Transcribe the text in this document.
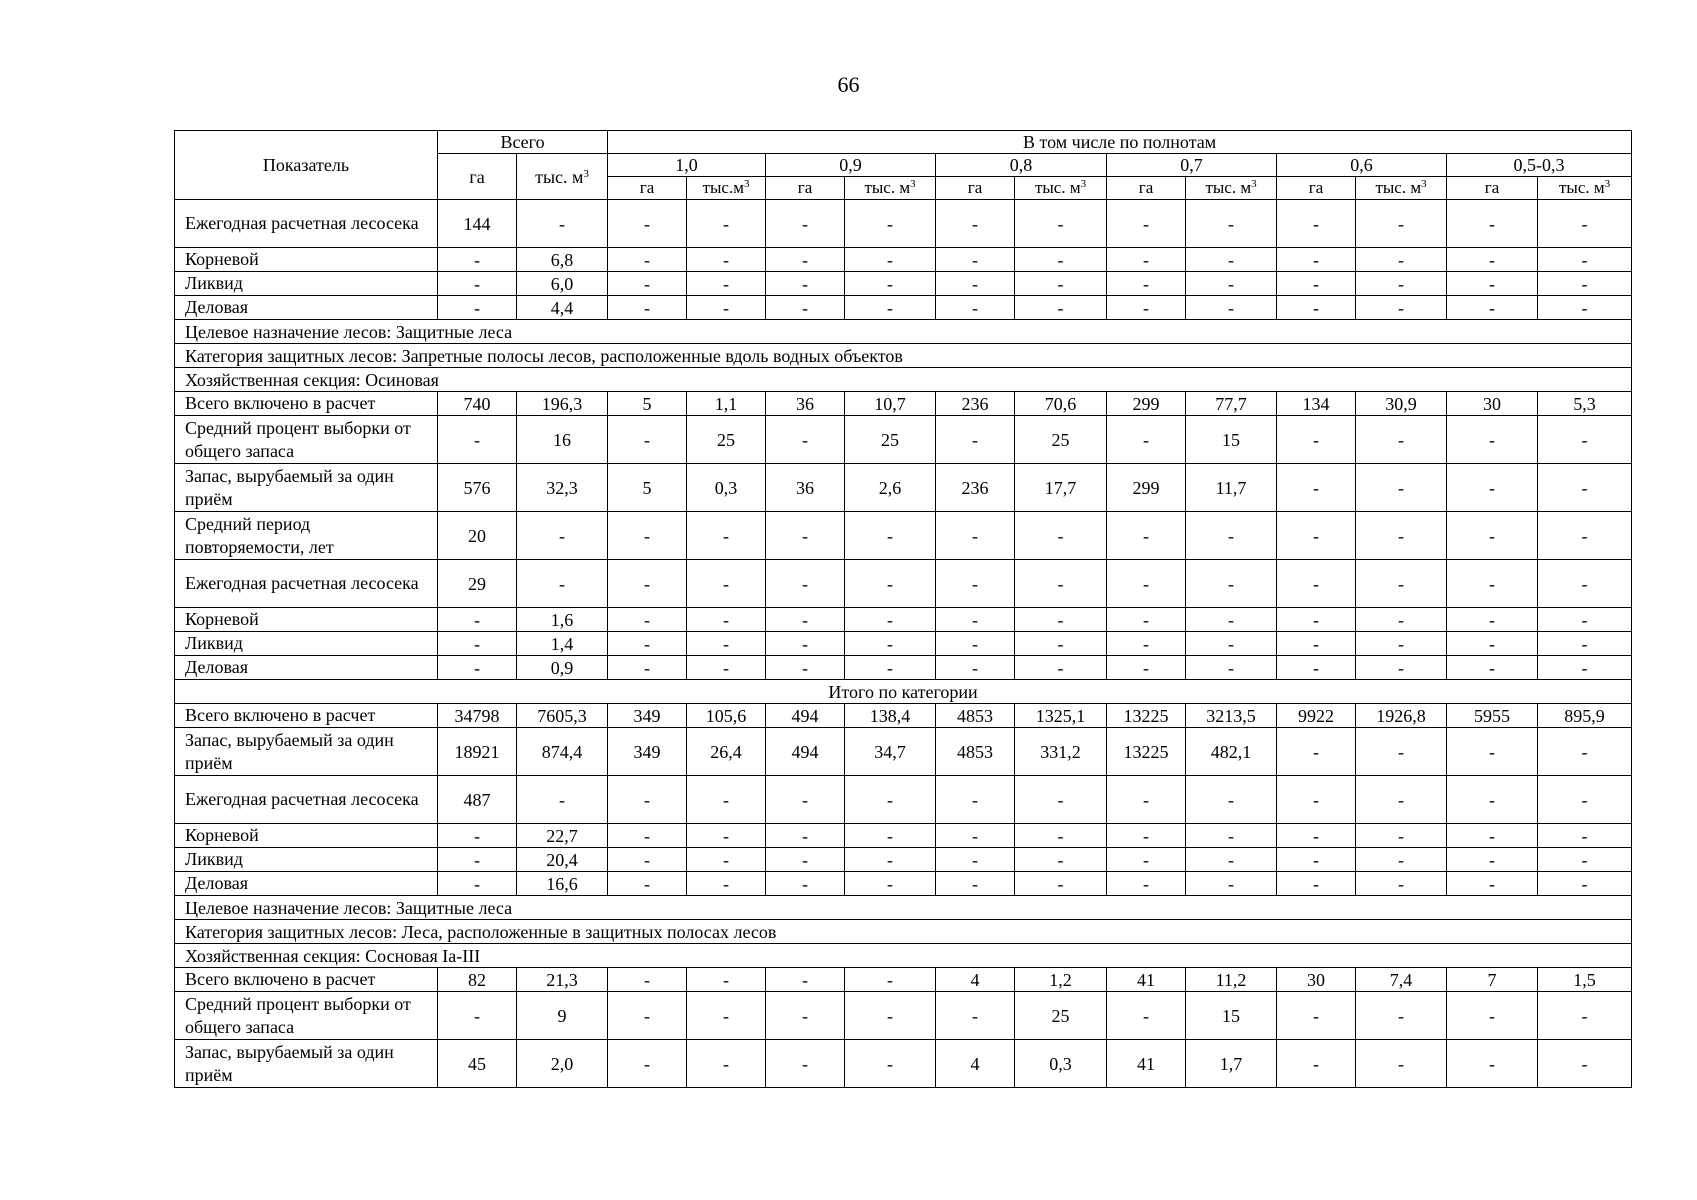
66
Показатель	Всего		В том числе по полнотам											
	га	тыс. $м^3$	1,0		0,9		0,8		0,7		0,6		0,5-0,3	
			га	$тыс.м^3$	га	тыс. $м^3$	га	тыс. $м^3$	га	тыс. $м^3$	га	тыс. $м^3$	га	тыс. $м^3$
Ежегодная расчетная лесосека	144	-	-	-	-	-	-	-	-	-	-	-	-	-
Корневой	-	6,8	-	-	-	-	-	-	-	-	-	-	-	-
Ликвид	-	6,0	-	-	-	-	-	-	-	-	-	-	-	-
Деловая	-	4,4	-	-	-	-	-	-	-	-	-	-	-	-
Целевое назначение лесов: Защитные леса														
Категория защитных лесов: Запретные полосы лесов, расположенные вдоль водных объектов														
Хозяйственная секция: Осиновая														
Всего включено в расчет	740	196,3	5	1,1	36	10,7	236	70,6	299	77,7	134	30,9	30	5,3
Средний процент выборки от общего запаса	-	16	-	25	-	25	-	25	-	15	-	-	-	-
Запас, вырубаемый за один приём	576	32,3	5	0,3	36	2,6	236	17,7	299	11,7	-	-	-	-
Средний период повторяемости, лет	20	-	-	-	-	-	-	-	-	-	-	-	-	-
Ежегодная расчетная лесосека	29	-	-	-	-	-	-	-	-	-	-	-	-	-
Корневой	-	1,6	-	-	-	-	-	-	-	-	-	-	-	-
Ликвид	-	1,4	-	-	-	-	-	-	-	-	-	-	-	-
Деловая	-	0,9	-	-	-	-	-	-	-	-	-	-	-	-
Итого по категории														
Всего включено в расчет	34798	7605,3	349	105,6	494	138,4	4853	1325,1	13225	3213,5	9922	1926,8	5955	895,9
Запас, вырубаемый за один приём	18921	874,4	349	26,4	494	34,7	4853	331,2	13225	482,1	-	-	-	-
Ежегодная расчетная лесосека	487	-	-	-	-	-	-	-	-	-	-	-	-	-
Корневой	-	22,7	-	-	-	-	-	-	-	-	-	-	-	-
Ликвид	-	20,4	-	-	-	-	-	-	-	-	-	-	-	-
Деловая	-	16,6	-	-	-	-	-	-	-	-	-	-	-	-
Целевое назначение лесов: Защитные леса														
Категория защитных лесов: Леса, расположенные в защитных полосах лесов														
Хозяйственная секция: Сосновая Ia-III														
Всего включено в расчет	82	21,3	-	-	-	-	4	1,2	41	11,2	30	7,4	7	1,5
Средний процент выборки от общего запаса	-	9	-	-	-	-	-	25	-	15	-	-	-	-
Запас, вырубаемый за один приём	45	2,0	-	-	-	-	4	0,3	41	1,7	-	-	-	-
